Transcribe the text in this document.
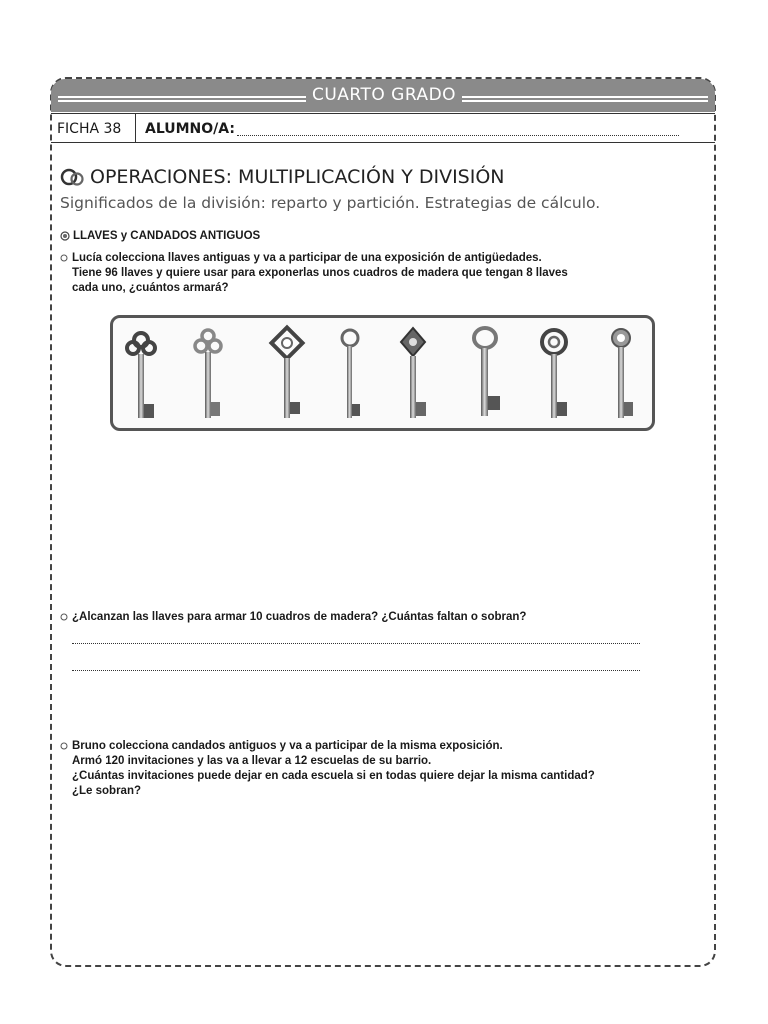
CUARTO GRADO
FICHA 38 ALUMNO/A:
OPERACIONES: MULTIPLICACIÓN Y DIVISIÓN
Significados de la división: reparto y partición. Estrategias de cálculo.
LLAVES y CANDADOS ANTIGUOS
Lucía colecciona llaves antiguas y va a participar de una exposición de antigüedades.
Tiene 96 llaves y quiere usar para exponerlas unos cuadros de madera que tengan 8 llaves
cada uno, ¿cuántos armará?
¿Alcanzan las llaves para armar 10 cuadros de madera? ¿Cuántas faltan o sobran?
Bruno colecciona candados antiguos y va a participar de la misma exposición.
Armó 120 invitaciones y las va a llevar a 12 escuelas de su barrio.
¿Cuántas invitaciones puede dejar en cada escuela si en todas quiere dejar la misma cantidad?
¿Le sobran?
